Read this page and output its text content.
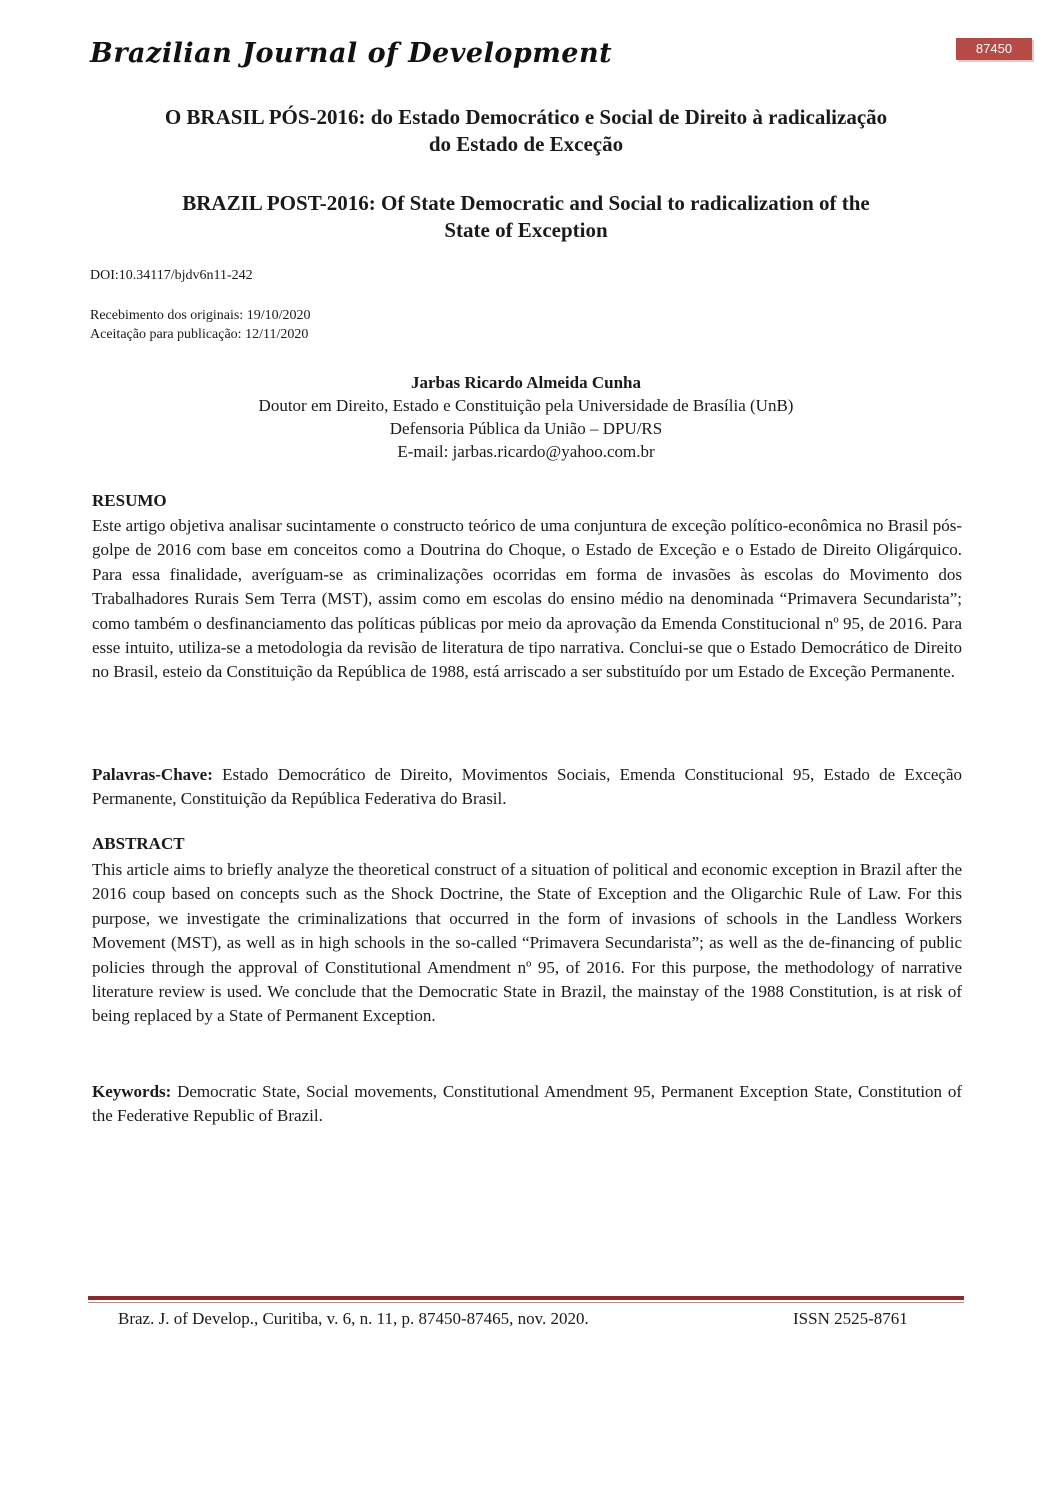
Brazilian Journal of Development	87450
O BRASIL PÓS-2016: do Estado Democrático e Social de Direito à radicalização
do Estado de Exceção
BRAZIL POST-2016: Of State Democratic and Social to radicalization of the
State of Exception

DOI:10.34117/bjdv6n11-242

Recebimento dos originais: 19/10/2020

Aceitação para publicação: 12/11/2020

Jarbas Ricardo Almeida Cunha
Doutor em Direito, Estado e Constituição pela Universidade de Brasília (UnB)
Defensoria Pública da União – DPU/RS
E-mail: jarbas.ricardo@yahoo.com.br
RESUMO

Este artigo objetiva analisar sucintamente o constructo teórico de uma conjuntura de exceção político-econômica no Brasil pós-golpe de 2016 com base em conceitos como a Doutrina do Choque, o Estado de Exceção e o Estado de Direito Oligárquico. Para essa finalidade, averíguam-se as criminalizações ocorridas em forma de invasões às escolas do Movimento dos Trabalhadores Rurais Sem Terra (MST), assim como em escolas do ensino médio na denominada “Primavera Secundarista”; como também o desfinanciamento das políticas públicas por meio da aprovação da Emenda Constitucional nº 95, de 2016. Para esse intuito, utiliza-se a metodologia da revisão de literatura de tipo narrativa. Conclui-se que o Estado Democrático de Direito no Brasil, esteio da Constituição da República de 1988, está arriscado a ser substituído por um Estado de Exceção Permanente.

Palavras-Chave: Estado Democrático de Direito, Movimentos Sociais, Emenda Constitucional 95, Estado de Exceção Permanente, Constituição da República Federativa do Brasil.

ABSTRACT

This article aims to briefly analyze the theoretical construct of a situation of political and economic exception in Brazil after the 2016 coup based on concepts such as the Shock Doctrine, the State of Exception and the Oligarchic Rule of Law. For this purpose, we investigate the criminalizations that occurred in the form of invasions of schools in the Landless Workers Movement (MST), as well as in high schools in the so-called “Primavera Secundarista”; as well as the de-financing of public policies through the approval of Constitutional Amendment nº 95, of 2016. For this purpose, the methodology of narrative literature review is used. We conclude that the Democratic State in Brazil, the mainstay of the 1988 Constitution, is at risk of being replaced by a State of Permanent Exception.

Keywords: Democratic State, Social movements, Constitutional Amendment 95, Permanent Exception State, Constitution of the Federative Republic of Brazil.

Braz. J. of Develop., Curitiba, v. 6, n. 11, p. 87450-87465, nov. 2020.	ISSN 2525-8761
